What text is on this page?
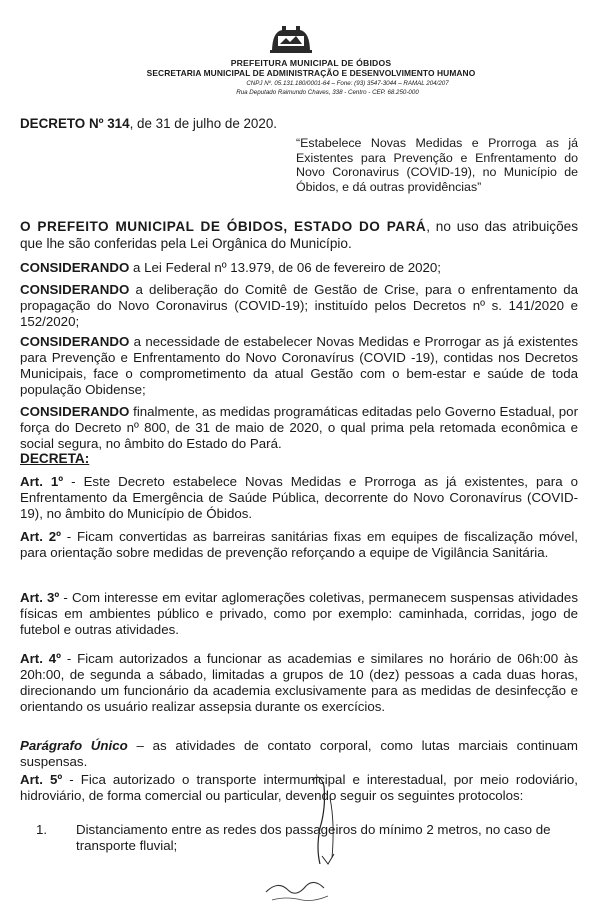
PREFEITURA MUNICIPAL DE ÓBIDOS
SECRETARIA MUNICIPAL DE ADMINISTRAÇÃO E DESENVOLVIMENTO HUMANO
CNPJ Nº. 05.131.180/0001-64 – Fone: (93) 3547-3044 – RAMAL 204/207
Rua Deputado Raimundo Chaves, 338 - Centro - CEP. 68.250-000
DECRETO Nº 314, de 31 de julho de 2020.
“Estabelece Novas Medidas e Prorroga as já Existentes para Prevenção e Enfrentamento do Novo Coronavirus (COVID-19), no Município de Óbidos, e dá outras providências”
O PREFEITO MUNICIPAL DE ÓBIDOS, ESTADO DO PARÁ, no uso das atribuições que lhe são conferidas pela Lei Orgânica do Município.
CONSIDERANDO a Lei Federal nº 13.979, de 06 de fevereiro de 2020;
CONSIDERANDO a deliberação do Comitê de Gestão de Crise, para o enfrentamento da propagação do Novo Coronavirus (COVID-19); instituído pelos Decretos nº s. 141/2020 e 152/2020;
CONSIDERANDO a necessidade de estabelecer Novas Medidas e Prorrogar as já existentes para Prevenção e Enfrentamento do Novo Coronavírus (COVID -19), contidas nos Decretos Municipais, face o comprometimento da atual Gestão com o bem-estar e saúde de toda população Obidense;
CONSIDERANDO finalmente, as medidas programáticas editadas pelo Governo Estadual, por força do Decreto nº 800, de 31 de maio de 2020, o qual prima pela retomada econômica e social segura, no âmbito do Estado do Pará.
DECRETA:
Art. 1º - Este Decreto estabelece Novas Medidas e Prorroga as já existentes, para o Enfrentamento da Emergência de Saúde Pública, decorrente do Novo Coronavírus (COVID-19), no âmbito do Município de Óbidos.
Art. 2º - Ficam convertidas as barreiras sanitárias fixas em equipes de fiscalização móvel, para orientação sobre medidas de prevenção reforçando a equipe de Vigilância Sanitária.
Art. 3º - Com interesse em evitar aglomerações coletivas, permanecem suspensas atividades físicas em ambientes público e privado, como por exemplo: caminhada, corridas, jogo de futebol e outras atividades.
Art. 4º - Ficam autorizados a funcionar as academias e similares no horário de 06h:00 às 20h:00, de segunda a sábado, limitadas a grupos de 10 (dez) pessoas a cada duas horas, direcionando um funcionário da academia exclusivamente para as medidas de desinfecção e orientando os usuário realizar assepsia durante os exercícios.
Parágrafo Único – as atividades de contato corporal, como lutas marciais continuam suspensas.
Art. 5º - Fica autorizado o transporte intermunicipal e interestadual, por meio rodoviário, hidroviário, de forma comercial ou particular, devendo seguir os seguintes protocolos:
1. Distanciamento entre as redes dos passageiros do mínimo 2 metros, no caso de transporte fluvial;
